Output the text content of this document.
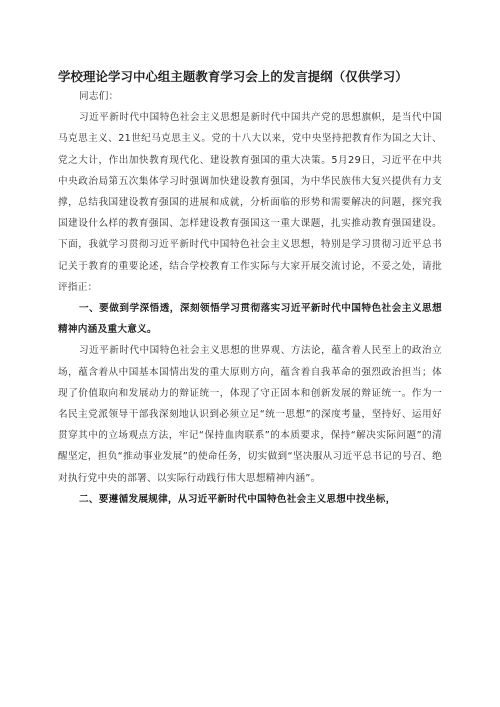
学校理论学习中心组主题教育学习会上的发言提纲（仅供学习）

同志们：

习近平新时代中国特色社会主义思想是新时代中国共产党的思想旗帜，是当代中国马克思主义、21世纪马克思主义。党的十八大以来，党中央坚持把教育作为国之大计、党之大计，作出加快教育现代化、建设教育强国的重大决策。5月29日，习近平在中共中央政治局第五次集体学习时强调加快建设教育强国，为中华民族伟大复兴提供有力支撑，总结我国建设教育强国的进展和成就，分析面临的形势和需要解决的问题，探究我国建设什么样的教育强国、怎样建设教育强国这一重大课题，扎实推动教育强国建设。下面，我就学习贯彻习近平新时代中国特色社会主义思想，特别是学习贯彻习近平总书记关于教育的重要论述，结合学校教育工作实际与大家开展交流讨论，不妥之处，请批评指正：

一、要做到学深悟透，深刻领悟学习贯彻落实习近平新时代中国特色社会主义思想精神内涵及重大意义。

习近平新时代中国特色社会主义思想的世界观、方法论，蕴含着人民至上的政治立场，蕴含着从中国基本国情出发的重大原则方向，蕴含着自我革命的强烈政治担当；体现了价值取向和发展动力的辩证统一，体现了守正固本和创新发展的辩证统一。作为一名民主党派领导干部我深刻地认识到必须立足“统一思想”的深度考量，坚持好、运用好贯穿其中的立场观点方法，牢记“保持血肉联系”的本质要求，保持“解决实际问题”的清醒坚定，担负“推动事业发展”的使命任务，切实做到“坚决服从习近平总书记的号召、绝对执行党中央的部署、以实际行动践行伟大思想精神内涵”。

二、要遵循发展规律，从习近平新时代中国特色社会主义思想中找坐标，
